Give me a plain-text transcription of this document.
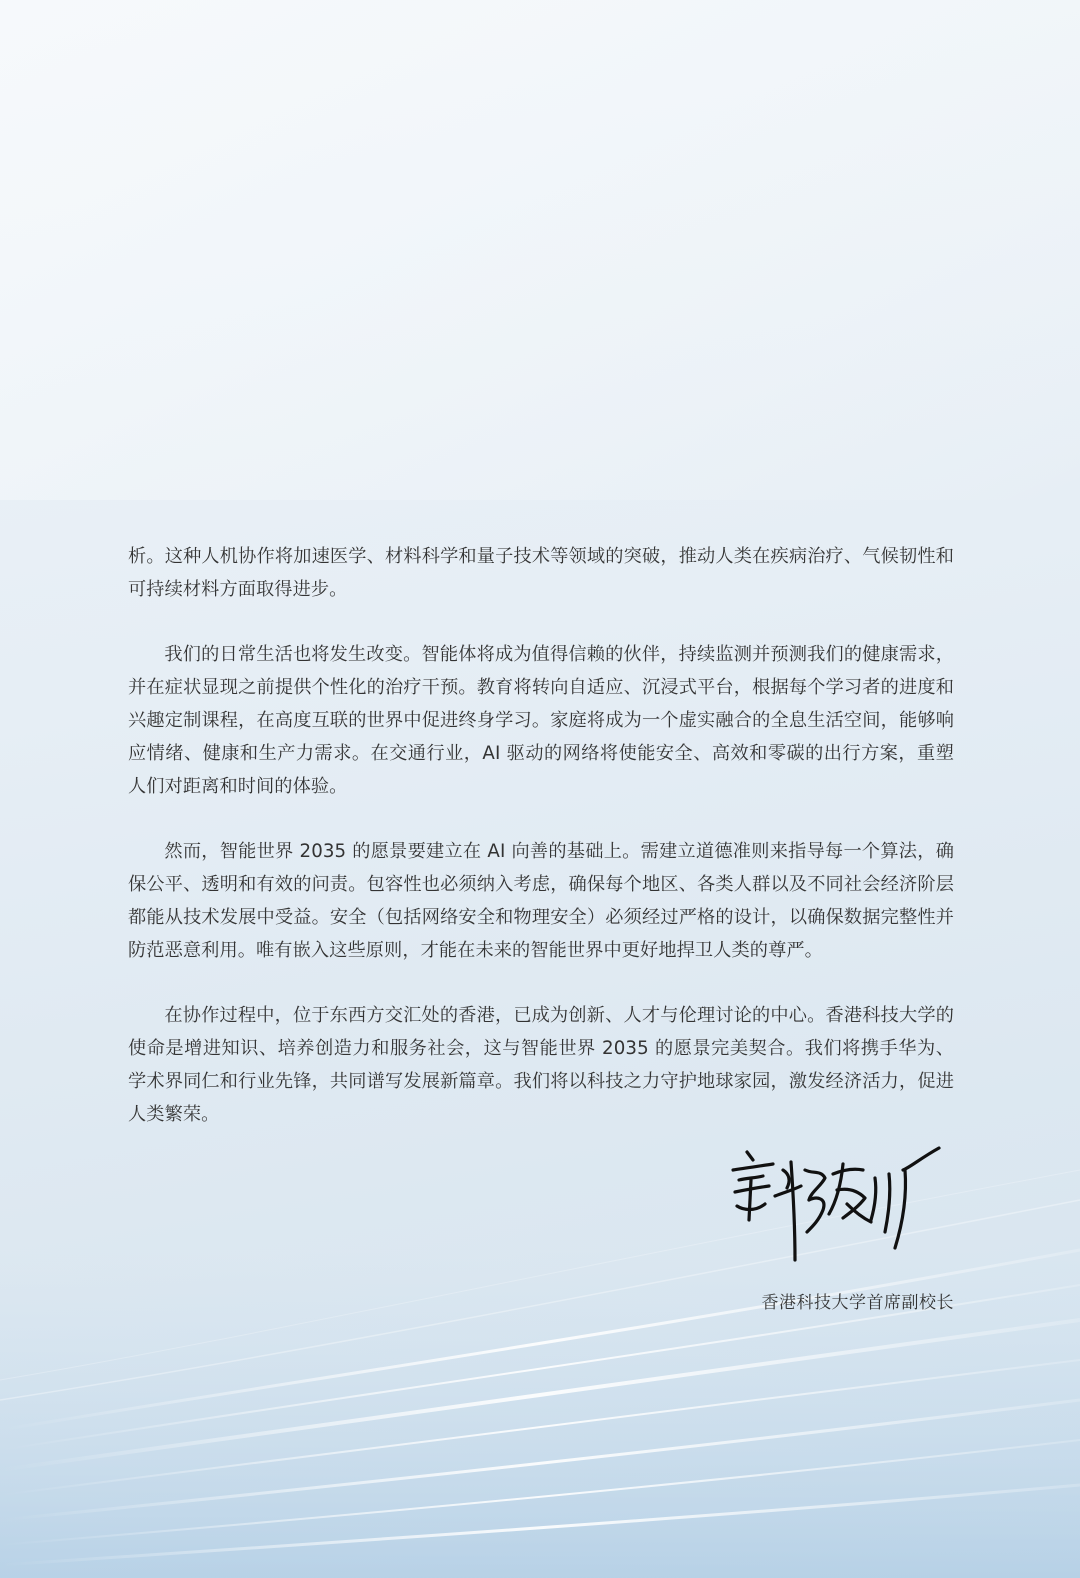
析。这种人机协作将加速医学、材料科学和量子技术等领域的突破，推动人类在疾病治疗、气候韧性和可持续材料方面取得进步。

我们的日常生活也将发生改变。智能体将成为值得信赖的伙伴，持续监测并预测我们的健康需求，并在症状显现之前提供个性化的治疗干预。教育将转向自适应、沉浸式平台，根据每个学习者的进度和兴趣定制课程，在高度互联的世界中促进终身学习。家庭将成为一个虚实融合的全息生活空间，能够响应情绪、健康和生产力需求。在交通行业，AI 驱动的网络将使能安全、高效和零碳的出行方案，重塑人们对距离和时间的体验。

然而，智能世界 2035 的愿景要建立在 AI 向善的基础上。需建立道德准则来指导每一个算法，确保公平、透明和有效的问责。包容性也必须纳入考虑，确保每个地区、各类人群以及不同社会经济阶层都能从技术发展中受益。安全（包括网络安全和物理安全）必须经过严格的设计，以确保数据完整性并防范恶意利用。唯有嵌入这些原则，才能在未来的智能世界中更好地捍卫人类的尊严。

在协作过程中，位于东西方交汇处的香港，已成为创新、人才与伦理讨论的中心。香港科技大学的使命是增进知识、培养创造力和服务社会，这与智能世界 2035 的愿景完美契合。我们将携手华为、学术界同仁和行业先锋，共同谱写发展新篇章。我们将以科技之力守护地球家园，激发经济活力，促进人类繁荣。

香港科技大学首席副校长
